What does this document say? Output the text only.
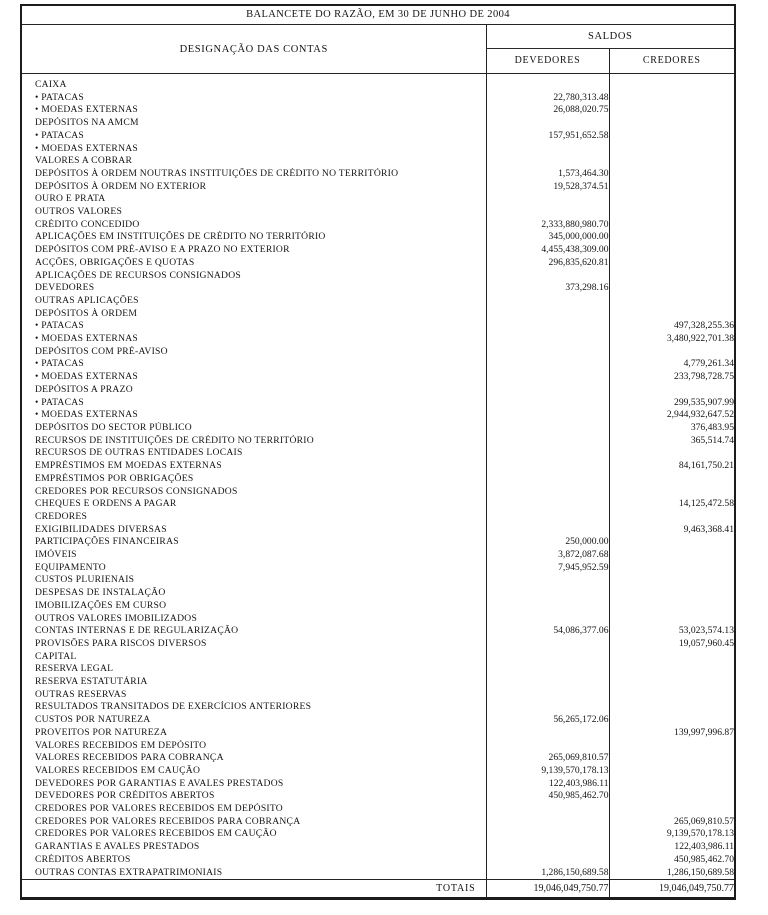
BALANCETE DO RAZÃO, EM 30 DE JUNHO DE 2004		
DESIGNAÇÃO DAS CONTAS	SALDOS	
	DEVEDORES	CREDORES
CAIXA		
• PATACAS	22,780,313.48	
• MOEDAS EXTERNAS	26,088,020.75	
DEPÓSITOS NA AMCM		
• PATACAS	157,951,652.58	
• MOEDAS EXTERNAS		
VALORES A COBRAR		
DEPÓSITOS À ORDEM NOUTRAS INSTITUIÇÕES DE CRÉDITO NO TERRITÓRIO	1,573,464.30	
DEPÓSITOS À ORDEM NO EXTERIOR	19,528,374.51	
OURO E PRATA		
OUTROS VALORES		
CRÉDITO CONCEDIDO	2,333,880,980.70	
APLICAÇÕES EM INSTITUIÇÕES DE CRÉDITO NO TERRITÓRIO	345,000,000.00	
DEPÓSITOS COM PRÉ-AVISO E A PRAZO NO EXTERIOR	4,455,438,309.00	
ACÇÕES, OBRIGAÇÕES E QUOTAS	296,835,620.81	
APLICAÇÕES DE RECURSOS CONSIGNADOS		
DEVEDORES	373,298.16	
OUTRAS APLICAÇÕES		
DEPÓSITOS À ORDEM		
• PATACAS		497,328,255.36
• MOEDAS EXTERNAS		3,480,922,701.38
DEPÓSITOS COM PRÉ-AVISO		
• PATACAS		4,779,261.34
• MOEDAS EXTERNAS		233,798,728.75
DEPÓSITOS A PRAZO		
• PATACAS		299,535,907.99
• MOEDAS EXTERNAS		2,944,932,647.52
DEPÓSITOS DO SECTOR PÚBLICO		376,483.95
RECURSOS DE INSTITUIÇÕES DE CRÉDITO NO TERRITÓRIO		365,514.74
RECURSOS DE OUTRAS ENTIDADES LOCAIS		
EMPRÉSTIMOS EM MOEDAS EXTERNAS		84,161,750.21
EMPRÉSTIMOS POR OBRIGAÇÕES		
CREDORES POR RECURSOS CONSIGNADOS		
CHEQUES E ORDENS A PAGAR		14,125,472.58
CREDORES		
EXIGIBILIDADES DIVERSAS		9,463,368.41
PARTICIPAÇÕES FINANCEIRAS	250,000.00	
IMÓVEIS	3,872,087.68	
EQUIPAMENTO	7,945,952.59	
CUSTOS PLURIENAIS		
DESPESAS DE INSTALAÇÃO		
IMOBILIZAÇÕES EM CURSO		
OUTROS VALORES IMOBILIZADOS		
CONTAS INTERNAS E DE REGULARIZAÇÃO	54,086,377.06	53,023,574.13
PROVISÕES PARA RISCOS DIVERSOS		19,057,960.45
CAPITAL		
RESERVA LEGAL		
RESERVA ESTATUTÁRIA		
OUTRAS RESERVAS		
RESULTADOS TRANSITADOS DE EXERCÍCIOS ANTERIORES		
CUSTOS POR NATUREZA	56,265,172.06	
PROVEITOS POR NATUREZA		139,997,996.87
VALORES RECEBIDOS EM DEPÓSITO		
VALORES RECEBIDOS PARA COBRANÇA	265,069,810.57	
VALORES RECEBIDOS EM CAUÇÃO	9,139,570,178.13	
DEVEDORES POR GARANTIAS E AVALES PRESTADOS	122,403,986.11	
DEVEDORES POR CRÉDITOS ABERTOS	450,985,462.70	
CREDORES POR VALORES RECEBIDOS EM DEPÓSITO		
CREDORES POR VALORES RECEBIDOS PARA COBRANÇA		265,069,810.57
CREDORES POR VALORES RECEBIDOS EM CAUÇÃO		9,139,570,178.13
GARANTIAS E AVALES PRESTADOS		122,403,986.11
CRÉDITOS ABERTOS		450,985,462.70
OUTRAS CONTAS EXTRAPATRIMONIAIS	1,286,150,689.58	1,286,150,689.58
TOTAIS	19,046,049,750.77	19,046,049,750.77
